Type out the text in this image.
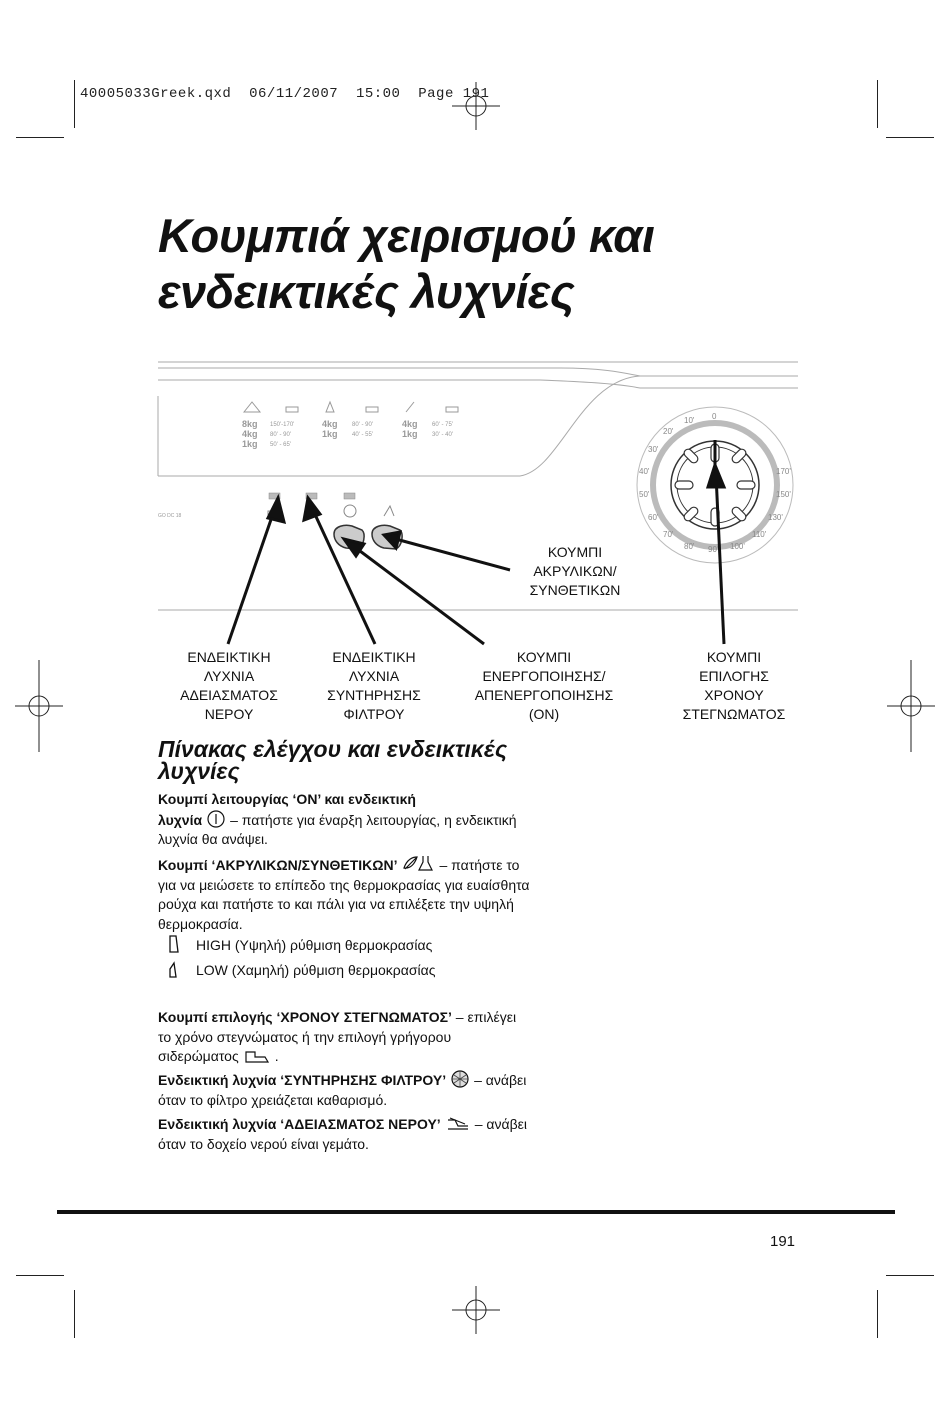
40005033Greek.qxd  06/11/2007  15:00  Page 191
Κουμπιά χειρισμού και
ενδεικτικές λυχνίες
GO DC 18
8kg
4kg
1kg
150'-170'
80' - 90'
50' - 65'
4kg
1kg
80' - 90'
40' - 55'
4kg
1kg
60' - 75'
30' - 40'
10' 0
20'
30'
40'
50'
60'
70'
80' 90' 100'
110'
130'
150'
170'
ΚΟΥΜΠΙ
ΑΚΡΥΛΙΚΩΝ/
ΣΥΝΘΕΤΙΚΩΝ
ΕΝΔΕΙΚΤΙΚΗ
ΛΥΧΝΙΑ
ΑΔΕΙΑΣΜΑΤΟΣ
ΝΕΡΟΥ
ΕΝΔΕΙΚΤΙΚΗ
ΛΥΧΝΙΑ
ΣΥΝΤΗΡΗΣΗΣ
ΦΙΛΤΡΟΥ
ΚΟΥΜΠΙ
ΕΝΕΡΓΟΠΟΙΗΣΗΣ/
ΑΠΕΝΕΡΓΟΠΟΙΗΣΗΣ
(ON)
ΚΟΥΜΠΙ
ΕΠΙΛΟΓΗΣ
ΧΡΟΝΟΥ
ΣΤΕΓΝΩΜΑΤΟΣ
Πίνακας ελέγχου και ενδεικτικές
λυχνίες
Κουμπί λειτουργίας ‘ON’ και ενδεικτική
λυχνία – πατήστε για έναρξη λειτουργίας, η ενδεικτική
λυχνία θα ανάψει.
Κουμπί ‘ΑΚΡΥΛΙΚΩΝ/ΣΥΝΘΕΤΙΚΩΝ’	– πατήστε το
για να μειώσετε το επίπεδο της θερμοκρασίας για ευαίσθητα
ρούχα και πατήστε το και πάλι για να επιλέξετε την υψηλή
θερμοκρασία.
HIGH (Υψηλή) ρύθμιση θερμοκρασίας
LOW (Χαμηλή) ρύθμιση θερμοκρασίας
Κουμπί επιλογής ‘ΧΡΟΝΟΥ ΣΤΕΓΝΩΜΑΤΟΣ’ – επιλέγει
το χρόνο στεγνώματος ή την επιλογή γρήγορου
σιδερώματος	.
Ενδεικτική λυχνία ‘ΣΥΝΤΗΡΗΣΗΣ ΦΙΛΤΡΟΥ’ – ανάβει
όταν το φίλτρο χρειάζεται καθαρισμό.
Ενδεικτική λυχνία ‘ΑΔΕΙΑΣΜΑΤΟΣ ΝΕΡΟΥ’ – ανάβει
όταν το δοχείο νερού είναι γεμάτο.
191
